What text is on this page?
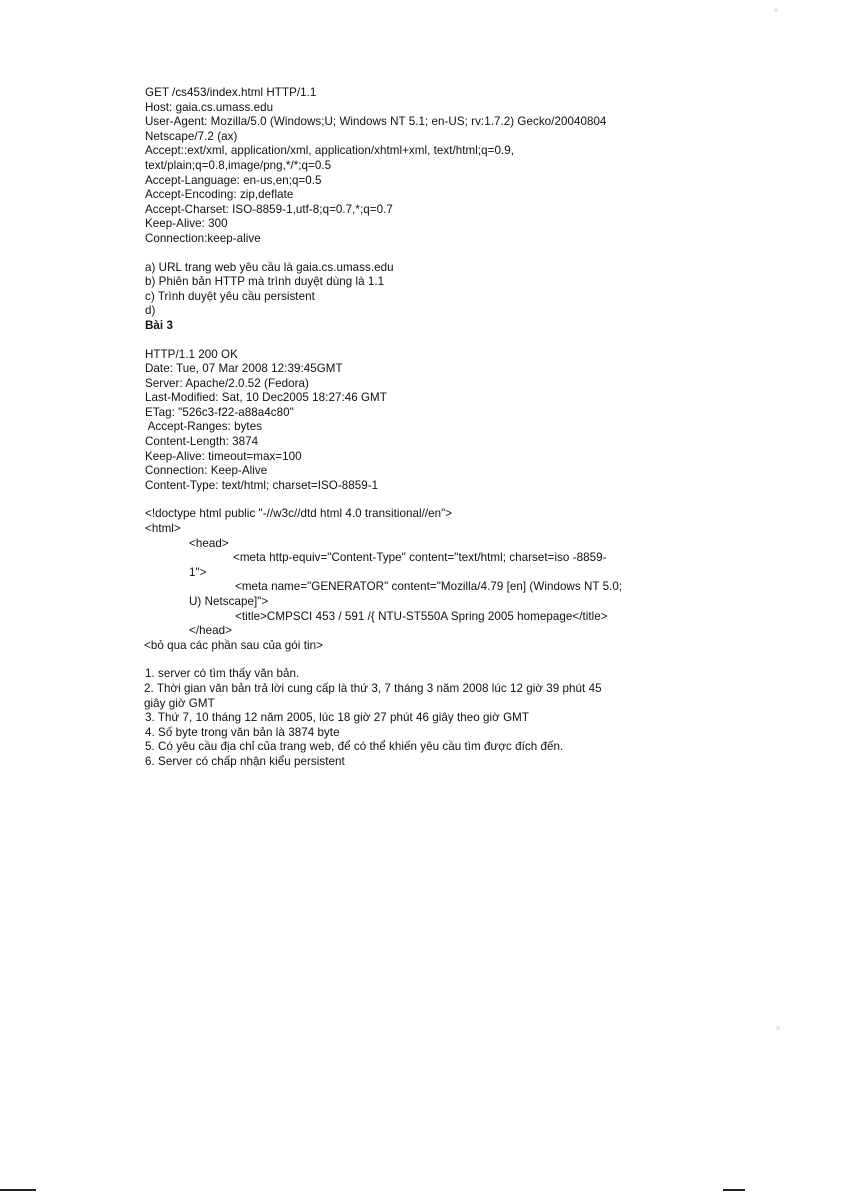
GET /cs453/index.html HTTP/1.1
Host: gaia.cs.umass.edu
User-Agent: Mozilla/5.0 (Windows;U; Windows NT 5.1; en-US; rv:1.7.2) Gecko/20040804
Netscape/7.2 (ax)
Accept::ext/xml, application/xml, application/xhtml+xml, text/html;q=0.9,
text/plain;q=0.8,image/png,*/*;q=0.5
Accept-Language: en-us,en;q=0.5
Accept-Encoding: zip,deflate
Accept-Charset: ISO-8859-1,utf-8;q=0.7,*;q=0.7
Keep-Alive: 300
Connection:keep-alive
a) URL trang web yêu cầu là gaia.cs.umass.edu
b) Phiên bản HTTP mà trình duyệt dùng là 1.1
c) Trình duyệt yêu cầu persistent
d)
Bài 3
HTTP/1.1 200 OK
Date: Tue, 07 Mar 2008 12:39:45GMT
Server: Apache/2.0.52 (Fedora)
Last-Modified: Sat, 10 Dec2005 18:27:46 GMT
ETag: "526c3-f22-a88a4c80"
Accept-Ranges: bytes
Content-Length: 3874
Keep-Alive: timeout=max=100
Connection: Keep-Alive
Content-Type: text/html; charset=ISO-8859-1
<!doctype html public "-//w3c//dtd html 4.0 transitional//en">
<html>
<head>
<meta http-equiv="Content-Type" content="text/html; charset=iso -8859-
1">
<meta name="GENERATOR" content="Mozilla/4.79 [en] (Windows NT 5.0;
U) Netscape]">
<title>CMPSCI 453 / 591 /{ NTU-ST550A Spring 2005 homepage</title>
</head>
<bỏ qua các phần sau của gói tin>
1. server có tìm thấy văn bản.
2. Thời gian văn bản trả lời cung cấp là thứ 3, 7 tháng 3 năm 2008 lúc 12 giờ 39 phút 45
giây giờ GMT
3. Thứ 7, 10 tháng 12 năm 2005, lúc 18 giờ 27 phút 46 giây theo giờ GMT
4. Số byte trong văn bản là 3874 byte
5. Có yêu cầu địa chỉ của trang web, để có thể khiến yêu cầu tìm được đích đến.
6. Server có chấp nhận kiểu persistent
